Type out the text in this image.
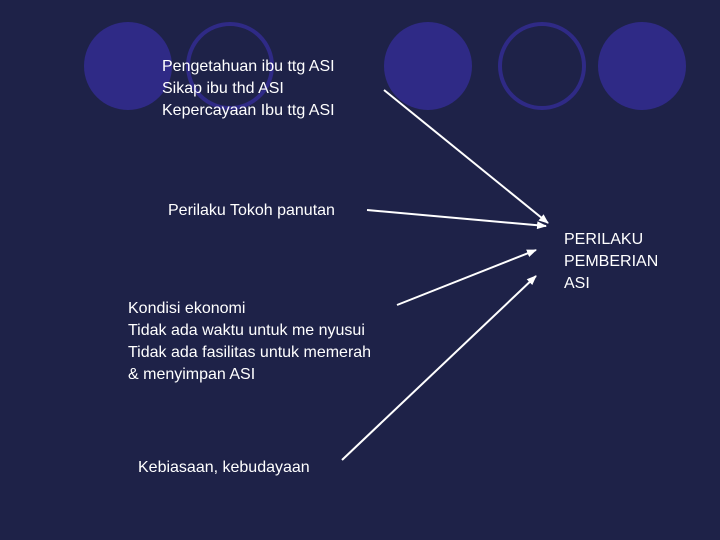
Pengetahuan ibu ttg ASI
Sikap ibu thd ASI
Kepercayaan Ibu ttg ASI
Perilaku Tokoh panutan
Kondisi ekonomi
Tidak ada waktu untuk me nyusui
Tidak ada fasilitas untuk memerah
& menyimpan ASI
Kebiasaan, kebudayaan
PERILAKU
PEMBERIAN
ASI
